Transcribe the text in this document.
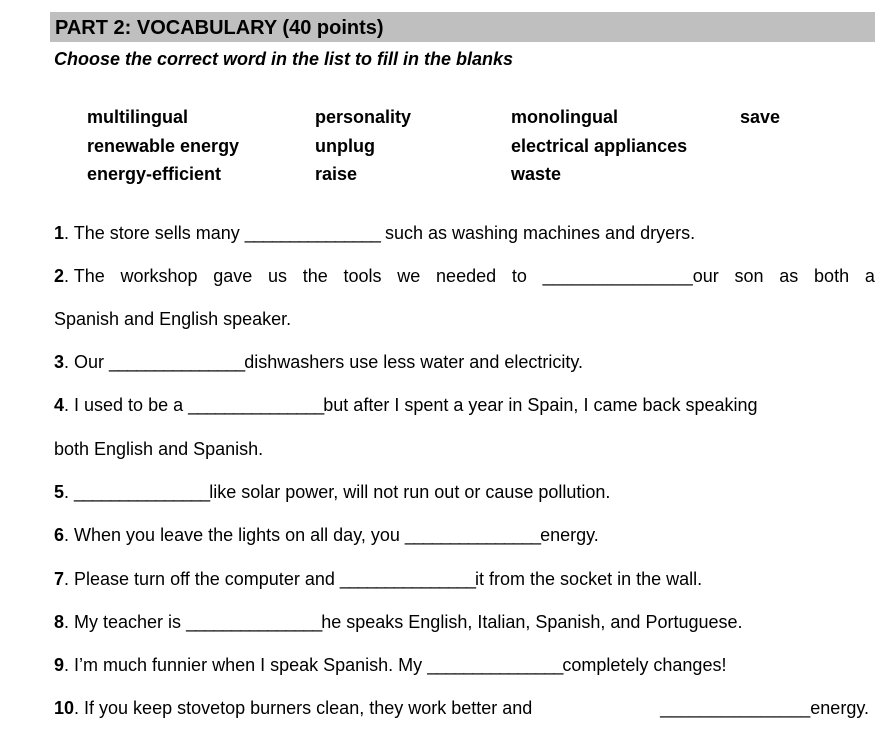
PART 2: VOCABULARY (40 points)
Choose the correct word in the list to fill in the blanks
multilingual	personality	monolingual	save
renewable energy	unplug	electrical appliances
energy-efficient	raise	waste
1. The store sells many _______________ such as washing machines and dryers.
2. The workshop gave us the tools we needed to _______________our son as both a
Spanish and English speaker.
3. Our _______________dishwashers use less water and electricity.
4. I used to be a _______________but after I spent a year in Spain, I came back speaking
both English and Spanish.
5. _______________like solar power, will not run out or cause pollution.
6. When you leave the lights on all day, you _______________energy.
7. Please turn off the computer and _______________it from the socket in the wall.
8. My teacher is _______________he speaks English, Italian, Spanish, and Portuguese.
9. I’m much funnier when I speak Spanish. My _______________completely changes!
10. If you keep stovetop burners clean, they work better and	_______________energy.
